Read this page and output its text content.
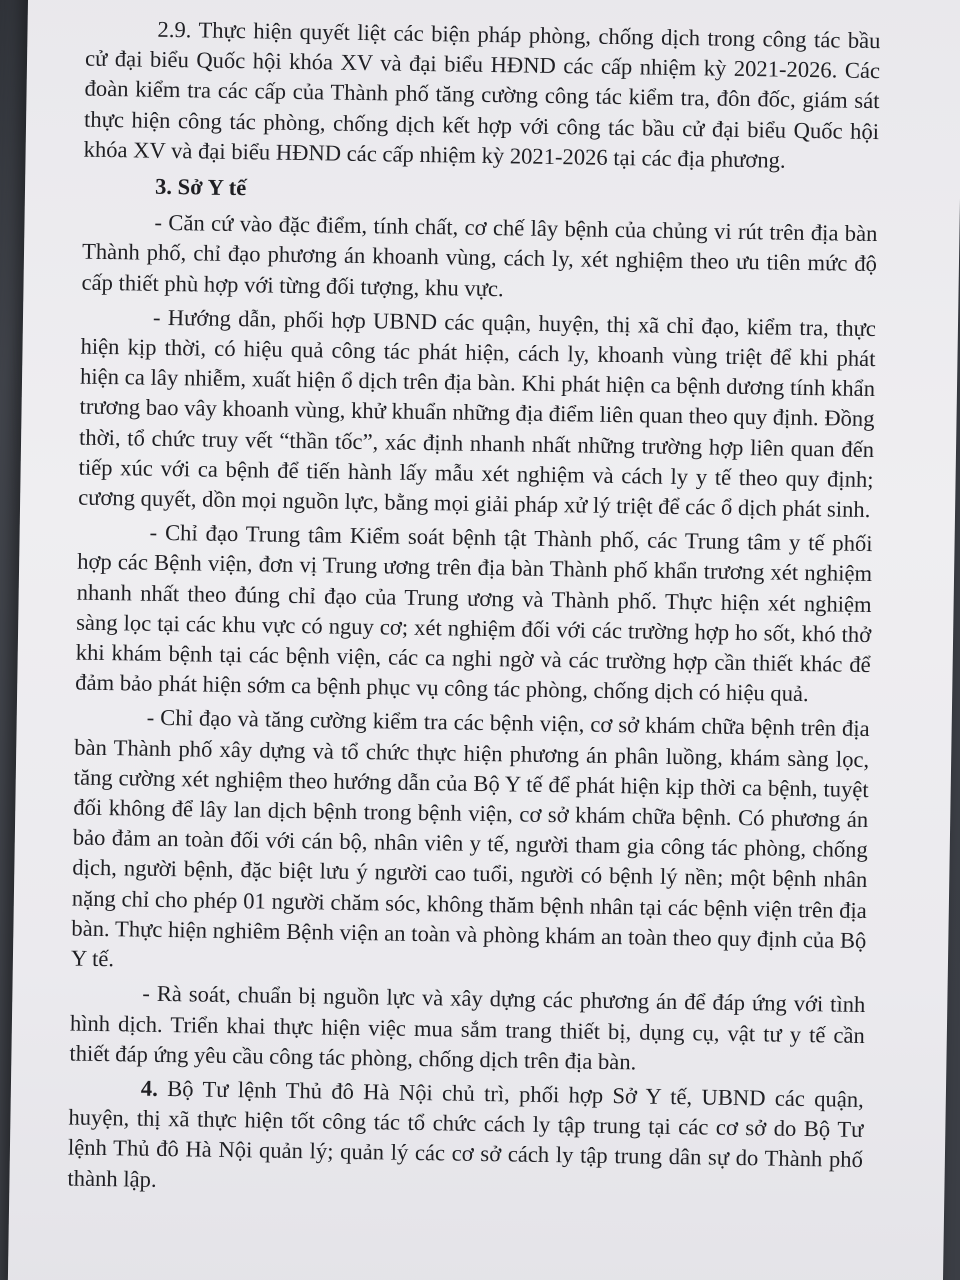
2.9. Thực hiện quyết liệt các biện pháp phòng, chống dịch trong công tác bầu cử đại biểu Quốc hội khóa XV và đại biểu HĐND các cấp nhiệm kỳ 2021-2026. Các đoàn kiểm tra các cấp của Thành phố tăng cường công tác kiểm tra, đôn đốc, giám sát thực hiện công tác phòng, chống dịch kết hợp với công tác bầu cử đại biểu Quốc hội khóa XV và đại biểu HĐND các cấp nhiệm kỳ 2021-2026 tại các địa phương.

3. Sở Y tế

- Căn cứ vào đặc điểm, tính chất, cơ chế lây bệnh của chủng vi rút trên địa bàn Thành phố, chỉ đạo phương án khoanh vùng, cách ly, xét nghiệm theo ưu tiên mức độ cấp thiết phù hợp với từng đối tượng, khu vực.

- Hướng dẫn, phối hợp UBND các quận, huyện, thị xã chỉ đạo, kiểm tra, thực hiện kịp thời, có hiệu quả công tác phát hiện, cách ly, khoanh vùng triệt để khi phát hiện ca lây nhiễm, xuất hiện ổ dịch trên địa bàn. Khi phát hiện ca bệnh dương tính khẩn trương bao vây khoanh vùng, khử khuẩn những địa điểm liên quan theo quy định. Đồng thời, tổ chức truy vết “thần tốc”, xác định nhanh nhất những trường hợp liên quan đến tiếp xúc với ca bệnh để tiến hành lấy mẫu xét nghiệm và cách ly y tế theo quy định; cương quyết, dồn mọi nguồn lực, bằng mọi giải pháp xử lý triệt để các ổ dịch phát sinh.

- Chỉ đạo Trung tâm Kiểm soát bệnh tật Thành phố, các Trung tâm y tế phối hợp các Bệnh viện, đơn vị Trung ương trên địa bàn Thành phố khẩn trương xét nghiệm nhanh nhất theo đúng chỉ đạo của Trung ương và Thành phố. Thực hiện xét nghiệm sàng lọc tại các khu vực có nguy cơ; xét nghiệm đối với các trường hợp ho sốt, khó thở khi khám bệnh tại các bệnh viện, các ca nghi ngờ và các trường hợp cần thiết khác để đảm bảo phát hiện sớm ca bệnh phục vụ công tác phòng, chống dịch có hiệu quả.

- Chỉ đạo và tăng cường kiểm tra các bệnh viện, cơ sở khám chữa bệnh trên địa bàn Thành phố xây dựng và tổ chức thực hiện phương án phân luồng, khám sàng lọc, tăng cường xét nghiệm theo hướng dẫn của Bộ Y tế để phát hiện kịp thời ca bệnh, tuyệt đối không để lây lan dịch bệnh trong bệnh viện, cơ sở khám chữa bệnh. Có phương án bảo đảm an toàn đối với cán bộ, nhân viên y tế, người tham gia công tác phòng, chống dịch, người bệnh, đặc biệt lưu ý người cao tuổi, người có bệnh lý nền; một bệnh nhân nặng chỉ cho phép 01 người chăm sóc, không thăm bệnh nhân tại các bệnh viện trên địa bàn. Thực hiện nghiêm Bệnh viện an toàn và phòng khám an toàn theo quy định của Bộ Y tế.

- Rà soát, chuẩn bị nguồn lực và xây dựng các phương án để đáp ứng với tình hình dịch. Triển khai thực hiện việc mua sắm trang thiết bị, dụng cụ, vật tư y tế cần thiết đáp ứng yêu cầu công tác phòng, chống dịch trên địa bàn.

4. Bộ Tư lệnh Thủ đô Hà Nội chủ trì, phối hợp Sở Y tế, UBND các quận, huyện, thị xã thực hiện tốt công tác tổ chức cách ly tập trung tại các cơ sở do Bộ Tư lệnh Thủ đô Hà Nội quản lý; quản lý các cơ sở cách ly tập trung dân sự do Thành phố thành lập.
